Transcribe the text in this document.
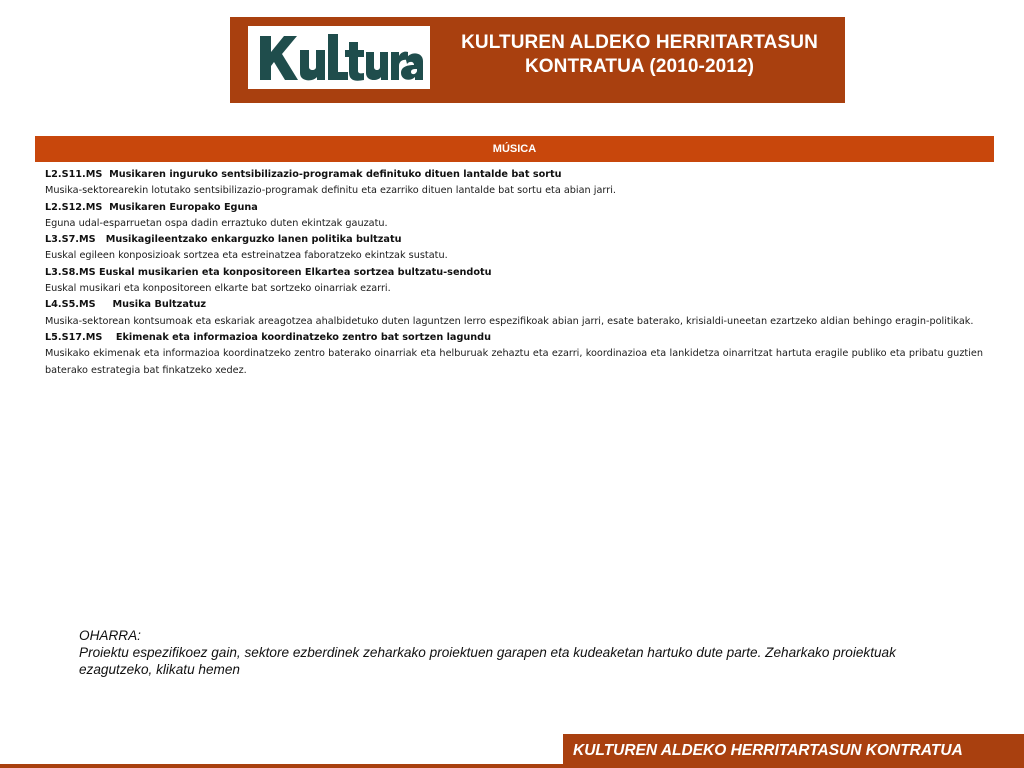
KULTUREN ALDEKO HERRITARTASUN
KONTRATUA (2010-2012)
MÚSICA
L2.S11.MS  Musikaren inguruko sentsibilizazio-programak definituko dituen lantalde bat sortu
Musika-sektorearekin lotutako sentsibilizazio-programak definitu eta ezarriko dituen lantalde bat sortu eta abian jarri.
L2.S12.MS  Musikaren Europako Eguna
Eguna udal-esparruetan ospa dadin erraztuko duten ekintzak gauzatu.
L3.S7.MS   Musikagileentzako enkarguzko lanen politika bultzatu
Euskal egileen konposizioak sortzea eta estreinatzea faboratzeko ekintzak sustatu.
L3.S8.MS Euskal musikarien eta konpositoreen Elkartea sortzea bultzatu-sendotu
Euskal musikari eta konpositoreen elkarte bat sortzeko oinarriak ezarri.
L4.S5.MS     Musika Bultzatuz
Musika-sektorean kontsumoak eta eskariak areagotzea ahalbidetuko duten laguntzen lerro espezifikoak abian jarri, esate baterako, krisialdi-uneetan ezartzeko aldian behingo eragin-politikak.
L5.S17.MS    Ekimenak eta informazioa koordinatzeko zentro bat sortzen lagundu
Musikako ekimenak eta informazioa koordinatzeko zentro baterako oinarriak eta helburuak zehaztu eta ezarri, koordinazioa eta lankidetza oinarritzat hartuta eragile publiko eta pribatu guztien baterako estrategia bat finkatzeko xedez.
OHARRA:
Proiektu espezifikoez gain, sektore ezberdinek zeharkako proiektuen garapen eta kudeaketan hartuko dute parte. Zeharkako proiektuak ezagutzeko, klikatu hemen
KULTUREN ALDEKO HERRITARTASUN KONTRATUA
